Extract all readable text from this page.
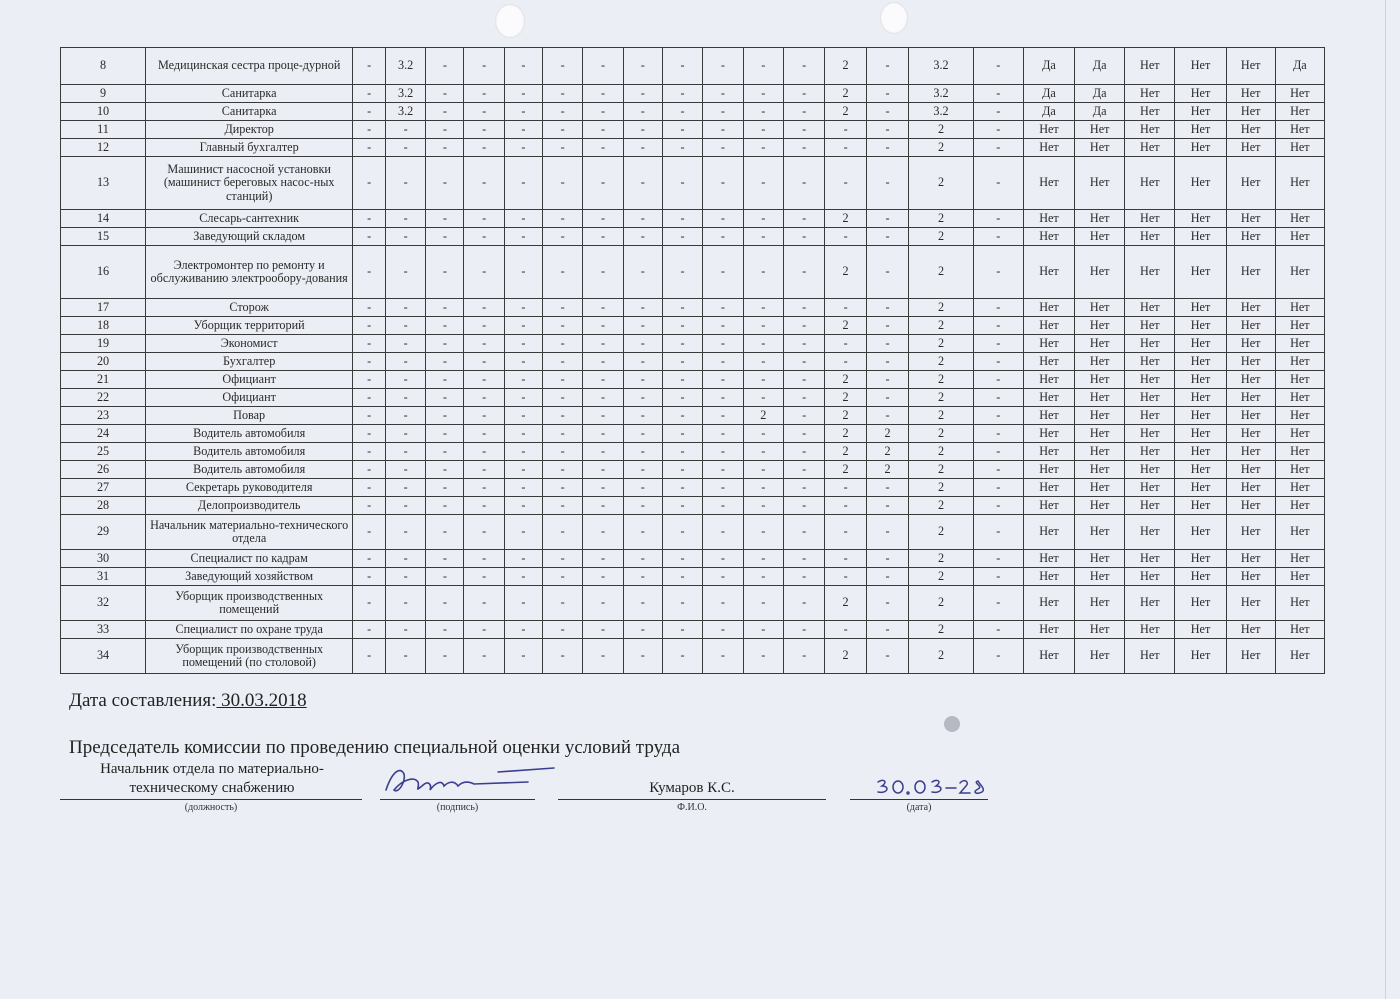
8	Медицинская сестра проце-дурной	-	3.2	-	-	-	-	-	-	-	-	-	-	2	-	3.2	-	Да	Да	Нет	Нет	Нет	Да
9	Санитарка	-	3.2	-	-	-	-	-	-	-	-	-	-	2	-	3.2	-	Да	Да	Нет	Нет	Нет	Нет
10	Санитарка	-	3.2	-	-	-	-	-	-	-	-	-	-	2	-	3.2	-	Да	Да	Нет	Нет	Нет	Нет
11	Директор	-	-	-	-	-	-	-	-	-	-	-	-	-	-	2	-	Нет	Нет	Нет	Нет	Нет	Нет
12	Главный бухгалтер	-	-	-	-	-	-	-	-	-	-	-	-	-	-	2	-	Нет	Нет	Нет	Нет	Нет	Нет
13	Машинист насосной установки (машинист береговых насос-ных станций)	-	-	-	-	-	-	-	-	-	-	-	-	-	-	2	-	Нет	Нет	Нет	Нет	Нет	Нет
14	Слесарь-сантехник	-	-	-	-	-	-	-	-	-	-	-	-	2	-	2	-	Нет	Нет	Нет	Нет	Нет	Нет
15	Заведующий складом	-	-	-	-	-	-	-	-	-	-	-	-	-	-	2	-	Нет	Нет	Нет	Нет	Нет	Нет
16	Электромонтер по ремонту и обслуживанию электрообору-дования	-	-	-	-	-	-	-	-	-	-	-	-	2	-	2	-	Нет	Нет	Нет	Нет	Нет	Нет
17	Сторож	-	-	-	-	-	-	-	-	-	-	-	-	-	-	2	-	Нет	Нет	Нет	Нет	Нет	Нет
18	Уборщик территорий	-	-	-	-	-	-	-	-	-	-	-	-	2	-	2	-	Нет	Нет	Нет	Нет	Нет	Нет
19	Экономист	-	-	-	-	-	-	-	-	-	-	-	-	-	-	2	-	Нет	Нет	Нет	Нет	Нет	Нет
20	Бухгалтер	-	-	-	-	-	-	-	-	-	-	-	-	-	-	2	-	Нет	Нет	Нет	Нет	Нет	Нет
21	Официант	-	-	-	-	-	-	-	-	-	-	-	-	2	-	2	-	Нет	Нет	Нет	Нет	Нет	Нет
22	Официант	-	-	-	-	-	-	-	-	-	-	-	-	2	-	2	-	Нет	Нет	Нет	Нет	Нет	Нет
23	Повар	-	-	-	-	-	-	-	-	-	-	2	-	2	-	2	-	Нет	Нет	Нет	Нет	Нет	Нет
24	Водитель автомобиля	-	-	-	-	-	-	-	-	-	-	-	-	2	2	2	-	Нет	Нет	Нет	Нет	Нет	Нет
25	Водитель автомобиля	-	-	-	-	-	-	-	-	-	-	-	-	2	2	2	-	Нет	Нет	Нет	Нет	Нет	Нет
26	Водитель автомобиля	-	-	-	-	-	-	-	-	-	-	-	-	2	2	2	-	Нет	Нет	Нет	Нет	Нет	Нет
27	Секретарь руководителя	-	-	-	-	-	-	-	-	-	-	-	-	-	-	2	-	Нет	Нет	Нет	Нет	Нет	Нет
28	Делопроизводитель	-	-	-	-	-	-	-	-	-	-	-	-	-	-	2	-	Нет	Нет	Нет	Нет	Нет	Нет
29	Начальник материально-технического отдела	-	-	-	-	-	-	-	-	-	-	-	-	-	-	2	-	Нет	Нет	Нет	Нет	Нет	Нет
30	Специалист по кадрам	-	-	-	-	-	-	-	-	-	-	-	-	-	-	2	-	Нет	Нет	Нет	Нет	Нет	Нет
31	Заведующий хозяйством	-	-	-	-	-	-	-	-	-	-	-	-	-	-	2	-	Нет	Нет	Нет	Нет	Нет	Нет
32	Уборщик производственных помещений	-	-	-	-	-	-	-	-	-	-	-	-	2	-	2	-	Нет	Нет	Нет	Нет	Нет	Нет
33	Специалист по охране труда	-	-	-	-	-	-	-	-	-	-	-	-	-	-	2	-	Нет	Нет	Нет	Нет	Нет	Нет
34	Уборщик производственных помещений (по столовой)	-	-	-	-	-	-	-	-	-	-	-	-	2	-	2	-	Нет	Нет	Нет	Нет	Нет	Нет
Дата составления: 30.03.2018
Председатель комиссии по проведению специальной оценки условий труда
Начальник отдела по материально-техническому снабжению
(должность)	(подпись)
Кумаров К.С.
Ф.И.О.	(дата)
